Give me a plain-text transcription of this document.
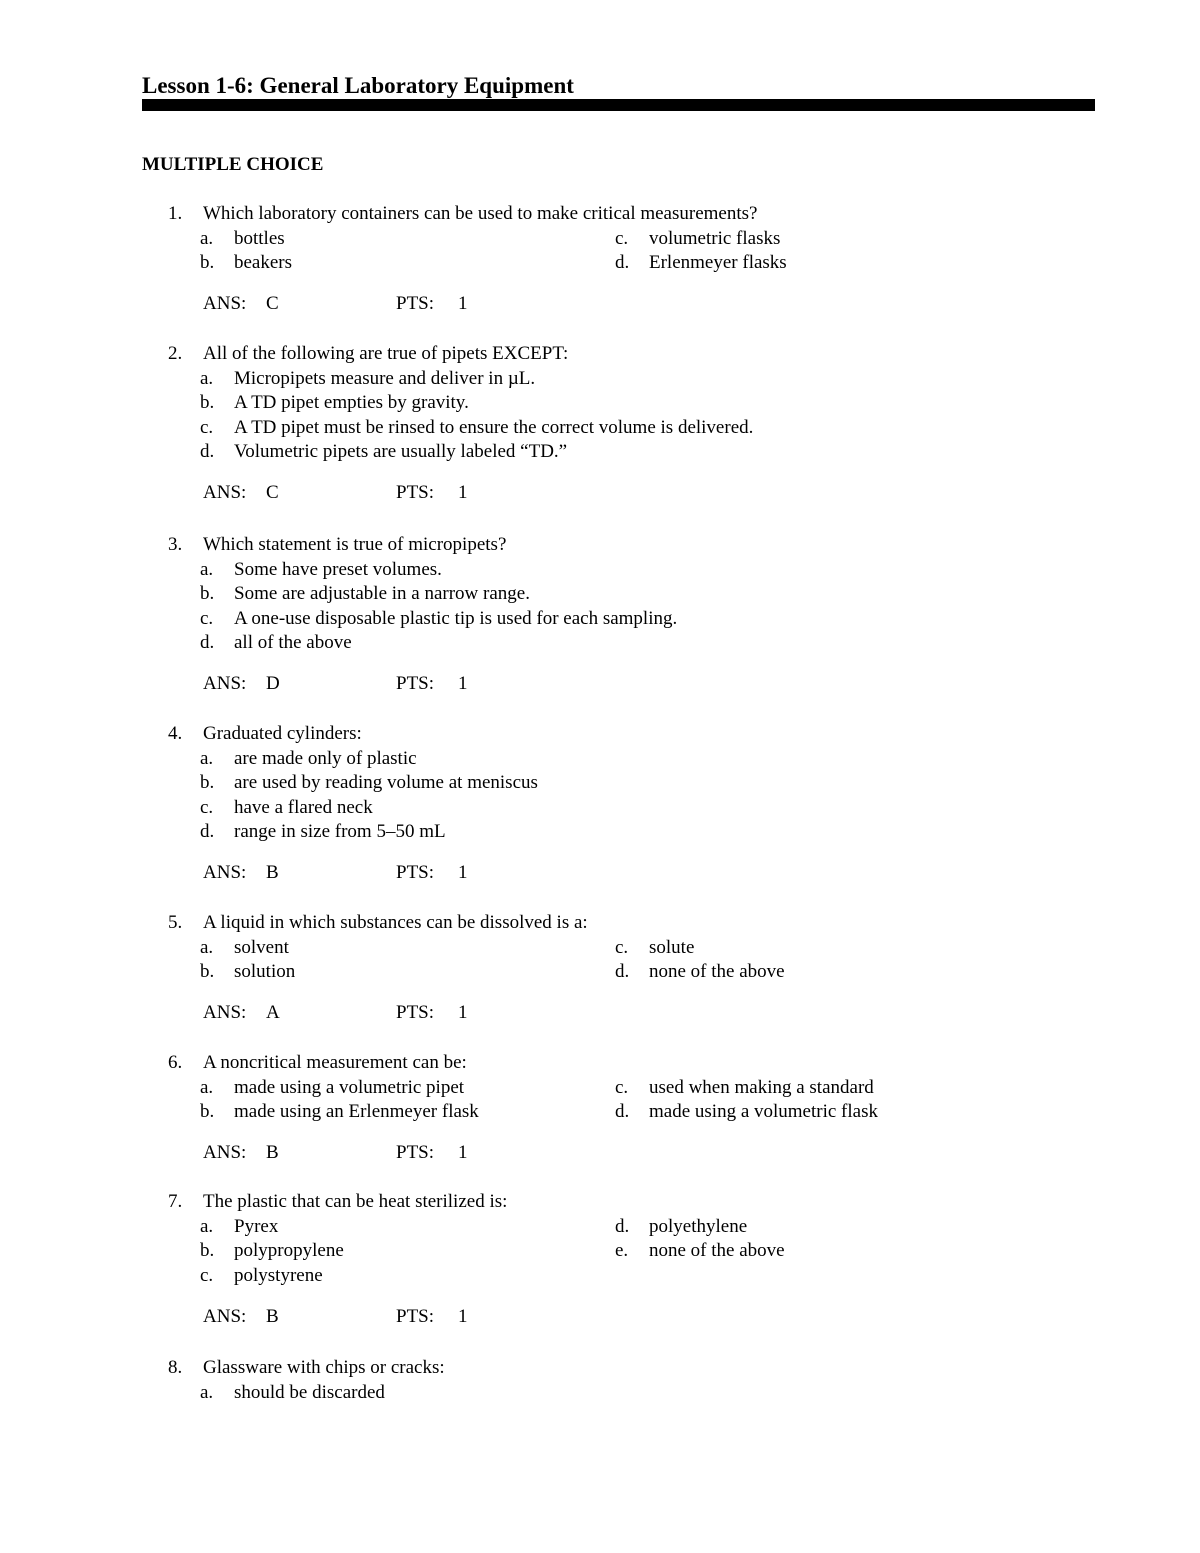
Lesson 1-6: General Laboratory Equipment
MULTIPLE CHOICE
1. Which laboratory containers can be used to make critical measurements?
a. bottles
b. beakers
c. volumetric flasks
d. Erlenmeyer flasks
ANS: C	PTS: 1
2. All of the following are true of pipets EXCEPT:
a. Micropipets measure and deliver in µL.
b. A TD pipet empties by gravity.
c. A TD pipet must be rinsed to ensure the correct volume is delivered.
d. Volumetric pipets are usually labeled “TD.”
ANS: C	PTS: 1
3. Which statement is true of micropipets?
a. Some have preset volumes.
b. Some are adjustable in a narrow range.
c. A one-use disposable plastic tip is used for each sampling.
d. all of the above
ANS: D	PTS: 1
4. Graduated cylinders:
a. are made only of plastic
b. are used by reading volume at meniscus
c. have a flared neck
d. range in size from 5–50 mL
ANS: B	PTS: 1
5. A liquid in which substances can be dissolved is a:
a. solvent
b. solution
c. solute
d. none of the above
ANS: A	PTS: 1
6. A noncritical measurement can be:
a. made using a volumetric pipet
b. made using an Erlenmeyer flask
c. used when making a standard
d. made using a volumetric flask
ANS: B	PTS: 1
7. The plastic that can be heat sterilized is:
a. Pyrex
b. polypropylene
c. polystyrene
d. polyethylene
e. none of the above
ANS: B	PTS: 1
8. Glassware with chips or cracks:
a. should be discarded
